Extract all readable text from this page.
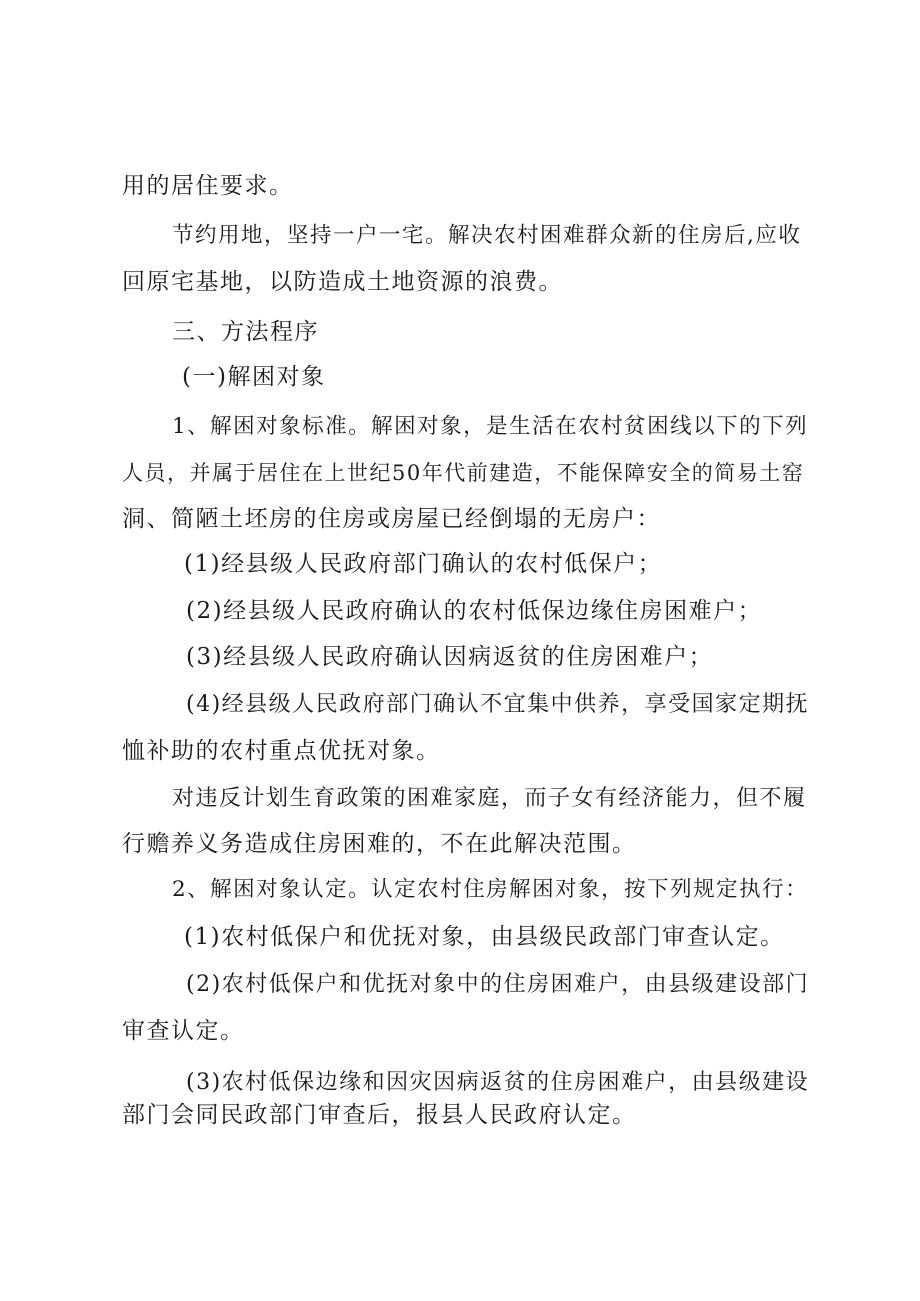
用的居住要求。
节约用地，坚持一户一宅。解决农村困难群众新的住房后,应收
回原宅基地，以防造成土地资源的浪费。
三、方法程序
(一)解困对象
1、解困对象标准。解困对象，是生活在农村贫困线以下的下列
人员，并属于居住在上世纪50年代前建造，不能保障安全的简易土窑
洞、简陋土坯房的住房或房屋已经倒塌的无房户：
(1)经县级人民政府部门确认的农村低保户；
(2)经县级人民政府确认的农村低保边缘住房困难户；
(3)经县级人民政府确认因病返贫的住房困难户；
(4)经县级人民政府部门确认不宜集中供养，享受国家定期抚
恤补助的农村重点优抚对象。
对违反计划生育政策的困难家庭，而子女有经济能力，但不履
行赡养义务造成住房困难的，不在此解决范围。
2、解困对象认定。认定农村住房解困对象，按下列规定执行：
(1)农村低保户和优抚对象，由县级民政部门审查认定。
(2)农村低保户和优抚对象中的住房困难户，由县级建设部门
审查认定。
(3)农村低保边缘和因灾因病返贫的住房困难户，由县级建设
部门会同民政部门审查后，报县人民政府认定。
